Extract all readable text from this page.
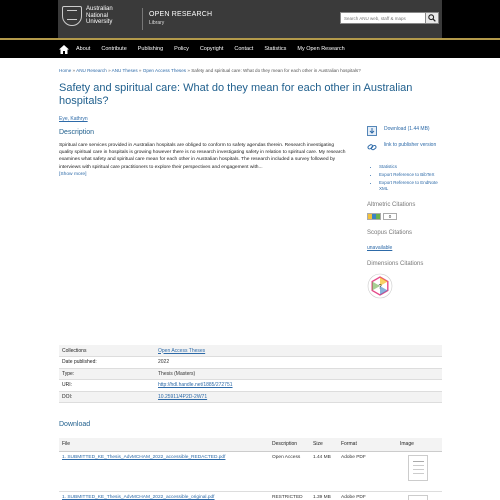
Australian
National
University
OPEN RESEARCH
Library
Search ANU web, staff & maps
About Contribute Publishing Policy Copyright Contact Statistics My Open Research
Home » ANU Research » ANU Theses » Open Access Theses » Safety and spiritual care: What do they mean for each other in Australian hospitals?
Safety and spiritual care: What do they mean for each other in Australian hospitals?
Eye, Kathryn
Description
Spiritual care services provided in Australian hospitals are obliged to conform to safety agendas therein. Research investigating quality spiritual care in hospitals is growing however there is no research investigating safety in relation to spiritual care. My research examines what safety and spiritual care mean for each other in Australian hospitals. The research included a survey followed by interviews with spiritual care practitioners to explore their perspectives and engagement with...
[Show more]
Download (1.44 MB)
link to publisher version
• Statistics
• Export Reference to BibTeX
• Export Reference to EndNote XML
Altmetric Citations
0
Scopus Citations
unavailable
Dimensions Citations
?
Collections	Open Access Theses
Date published:	2022
Type:	Thesis (Masters)
URI:	http://hdl.handle.net/1885/272751
DOI:	10.25911/4P2D-2W71
Download
File	Description	Size	Format	Image
1. SUBMITTED_KE_Thesis_AdvMCHAM_2022_accessible_REDACTED.pdf	Open Access	1.44 MB	Adobe PDF	

1. SUBMITTED_KE_Thesis_AdvMCHAM_2022_accessible_original.pdf	RESTRICTED	1.39 MB	Adobe PDF	
